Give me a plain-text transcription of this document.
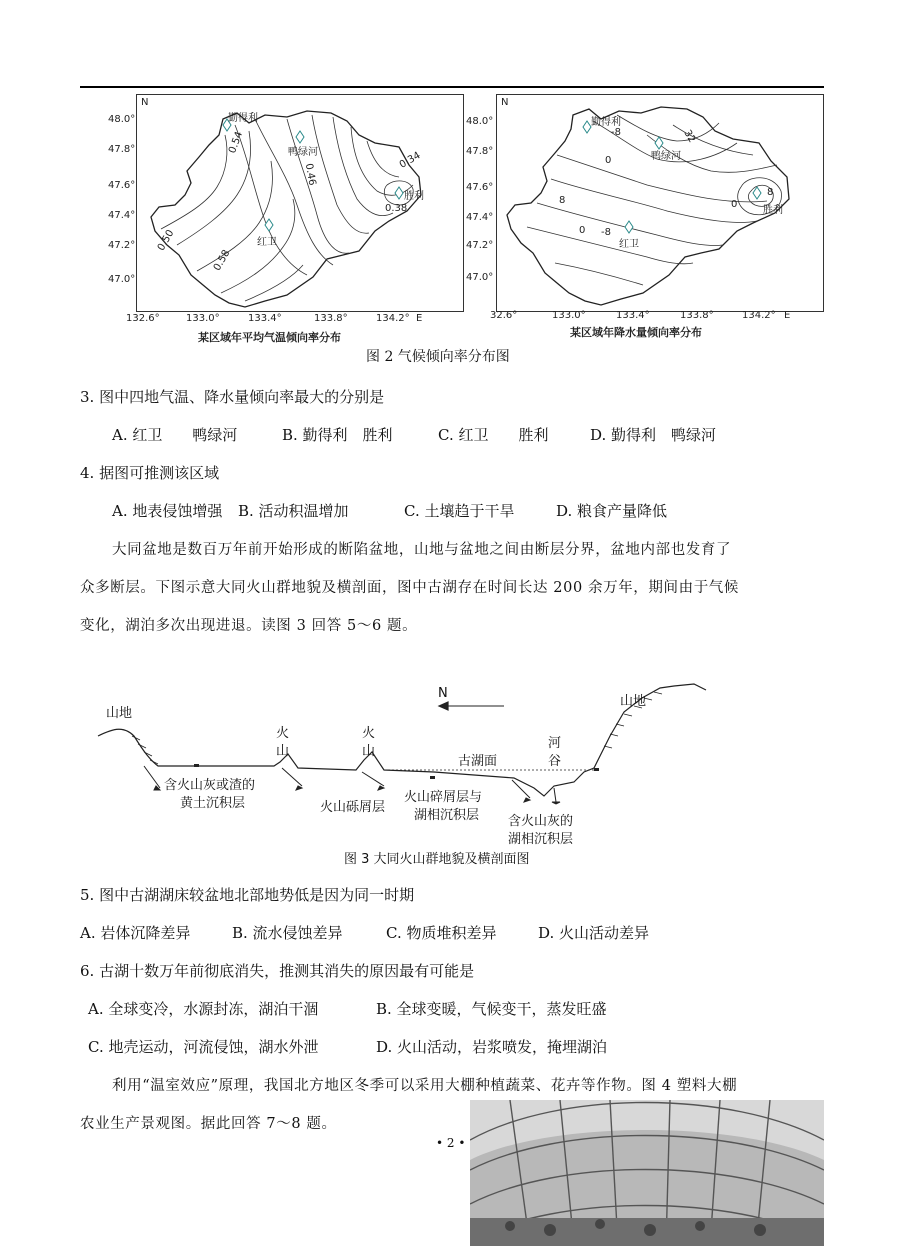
N
勤得利
鸭绿河
胜利
红卫
0.54
0.46
0.34
0.38
0.50
0.58
48.0°
47.8°
47.6°
47.4°
47.2°
47.0°
132.6°	133.0°	133.4°	133.8°	134.2° E
某区域年平均气温倾向率分布
N
勤得利
鸭绿河
胜利
红卫
-8
0
32
8
0 -8
0
8
48.0°
47.8°
47.6°
47.4°
47.2°
47.0°
32.6°	133.0°	133.4°	133.8°	134.2° E
某区域年降水量倾向率分布
图 2 气候倾向率分布图
3. 图中四地气温、降水量倾向率最大的分别是
A. 红卫　　鸭绿河	B. 勤得利　胜利	C. 红卫　　胜利	D. 勤得利　鸭绿河
4. 据图可推测该区域
A. 地表侵蚀增强 B. 活动积温增加	C. 土壤趋于干旱	D. 粮食产量降低
大同盆地是数百万年前开始形成的断陷盆地，山地与盆地之间由断层分界，盆地内部也发育了
众多断层。下图示意大同火山群地貌及横剖面，图中古湖存在时间长达 200 余万年，期间由于气候
变化，湖泊多次出现进退。读图 3 回答 5～6 题。
N
山地
山地
火
山
火
山
古湖面
河
谷
含火山灰或渣的
黄土沉积层	火山砾屑层
火山碎屑层与
湖相沉积层 含火山灰的
湖相沉积层
图 3 大同火山群地貌及横剖面图
5. 图中古湖湖床较盆地北部地势低是因为同一时期
A. 岩体沉降差异	B. 流水侵蚀差异	C. 物质堆积差异	D. 火山活动差异
6. 古湖十数万年前彻底消失，推测其消失的原因最有可能是
A. 全球变冷，水源封冻，湖泊干涸	B. 全球变暖，气候变干，蒸发旺盛
C. 地壳运动，河流侵蚀，湖水外泄	D. 火山活动，岩浆喷发，掩埋湖泊
利用“温室效应”原理，我国北方地区冬季可以采用大棚种植蔬菜、花卉等作物。图 4 塑料大棚
农业生产景观图。据此回答 7～8 题。
• 2 •
